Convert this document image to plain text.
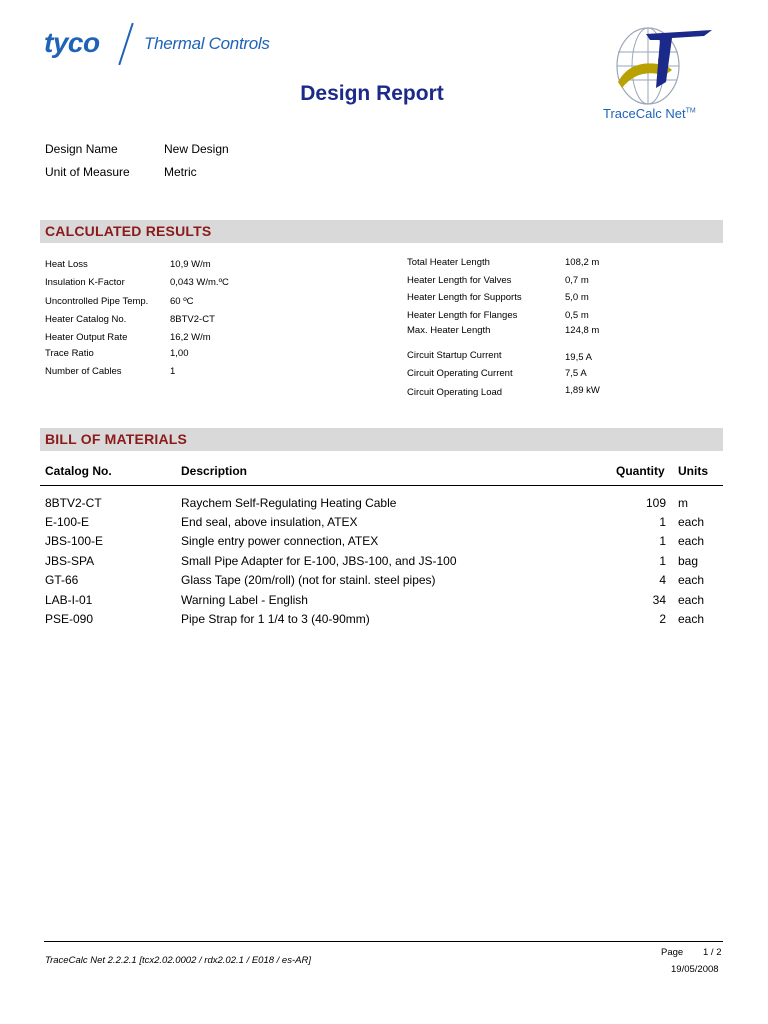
tyco	Thermal Controls
Design Report
TraceCalc Net™
Design Name	New Design
Unit of Measure	Metric
CALCULATED RESULTS
Heat Loss	10,9 W/m
Insulation K-Factor	0,043 W/m.ºC
Uncontrolled Pipe Temp. 60 ºC
Heater Catalog No.	8BTV2-CT
Heater Output Rate	16,2 W/m
Trace Ratio	1,00
Number of Cables	1
Total Heater Length	108,2 m
Heater Length for Valves	0,7 m
Heater Length for Supports	5,0 m
Heater Length for Flanges	0,5 m
Max. Heater Length	124,8 m
Circuit Startup Current	19,5 A
Circuit Operating Current	7,5 A
Circuit Operating Load	1,89 kW
BILL OF MATERIALS
Catalog No.	Description	Quantity Units
8BTV2-CT	Raychem Self-Regulating Heating Cable	109 m
E-100-E	End seal, above insulation, ATEX	1 each
JBS-100-E	Single entry power connection, ATEX	1 each
JBS-SPA	Small Pipe Adapter for E-100, JBS-100, and JS-100	1 bag
GT-66	Glass Tape (20m/roll) (not for stainl. steel pipes)	4 each
LAB-I-01	Warning Label - English	34 each
PSE-090	Pipe Strap for 1 1/4 to 3 (40-90mm)	2 each
TraceCalc Net 2.2.2.1 [tcx2.02.0002 / rdx2.02.1 / E018 / es-AR]
Page 1 / 2
19/05/2008
